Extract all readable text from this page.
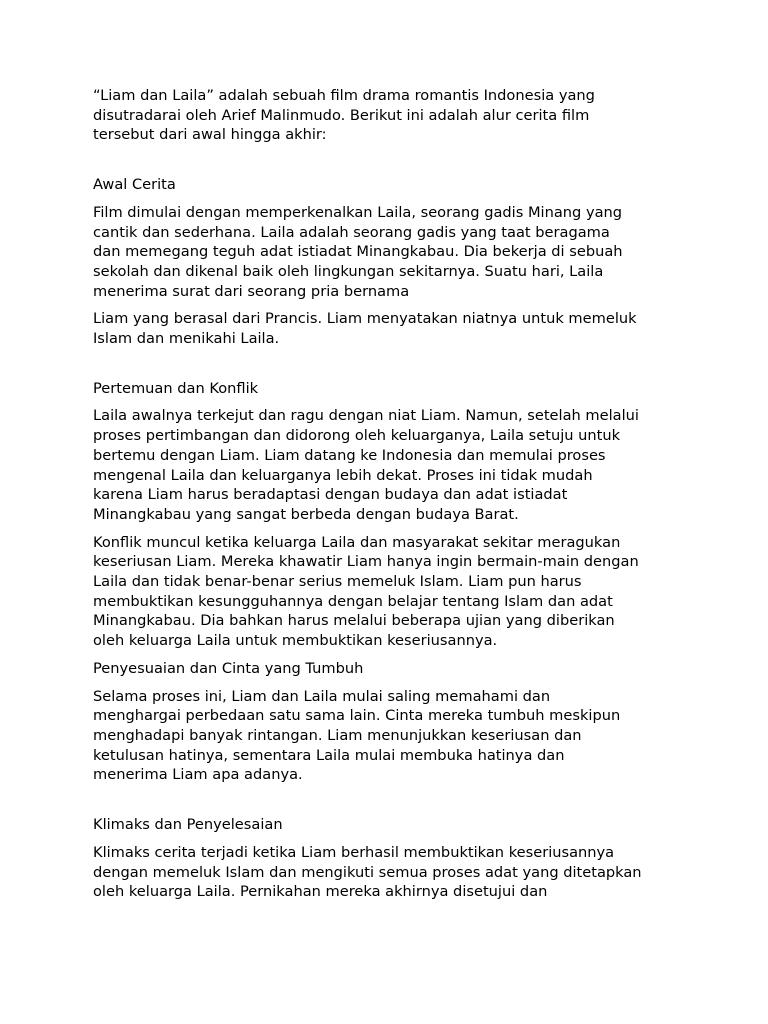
“Liam dan Laila” adalah sebuah film drama romantis Indonesia yang
disutradarai oleh Arief Malinmudo. Berikut ini adalah alur cerita film
tersebut dari awal hingga akhir:

Awal Cerita

Film dimulai dengan memperkenalkan Laila, seorang gadis Minang yang
cantik dan sederhana. Laila adalah seorang gadis yang taat beragama
dan memegang teguh adat istiadat Minangkabau. Dia bekerja di sebuah
sekolah dan dikenal baik oleh lingkungan sekitarnya. Suatu hari, Laila
menerima surat dari seorang pria bernama

Liam yang berasal dari Prancis. Liam menyatakan niatnya untuk memeluk
Islam dan menikahi Laila.

Pertemuan dan Konflik

Laila awalnya terkejut dan ragu dengan niat Liam. Namun, setelah melalui
proses pertimbangan dan didorong oleh keluarganya, Laila setuju untuk
bertemu dengan Liam. Liam datang ke Indonesia dan memulai proses
mengenal Laila dan keluarganya lebih dekat. Proses ini tidak mudah
karena Liam harus beradaptasi dengan budaya dan adat istiadat
Minangkabau yang sangat berbeda dengan budaya Barat.

Konflik muncul ketika keluarga Laila dan masyarakat sekitar meragukan
keseriusan Liam. Mereka khawatir Liam hanya ingin bermain-main dengan
Laila dan tidak benar-benar serius memeluk Islam. Liam pun harus
membuktikan kesungguhannya dengan belajar tentang Islam dan adat
Minangkabau. Dia bahkan harus melalui beberapa ujian yang diberikan
oleh keluarga Laila untuk membuktikan keseriusannya.

Penyesuaian dan Cinta yang Tumbuh

Selama proses ini, Liam dan Laila mulai saling memahami dan
menghargai perbedaan satu sama lain. Cinta mereka tumbuh meskipun
menghadapi banyak rintangan. Liam menunjukkan keseriusan dan
ketulusan hatinya, sementara Laila mulai membuka hatinya dan
menerima Liam apa adanya.

Klimaks dan Penyelesaian

Klimaks cerita terjadi ketika Liam berhasil membuktikan keseriusannya
dengan memeluk Islam dan mengikuti semua proses adat yang ditetapkan
oleh keluarga Laila. Pernikahan mereka akhirnya disetujui dan
